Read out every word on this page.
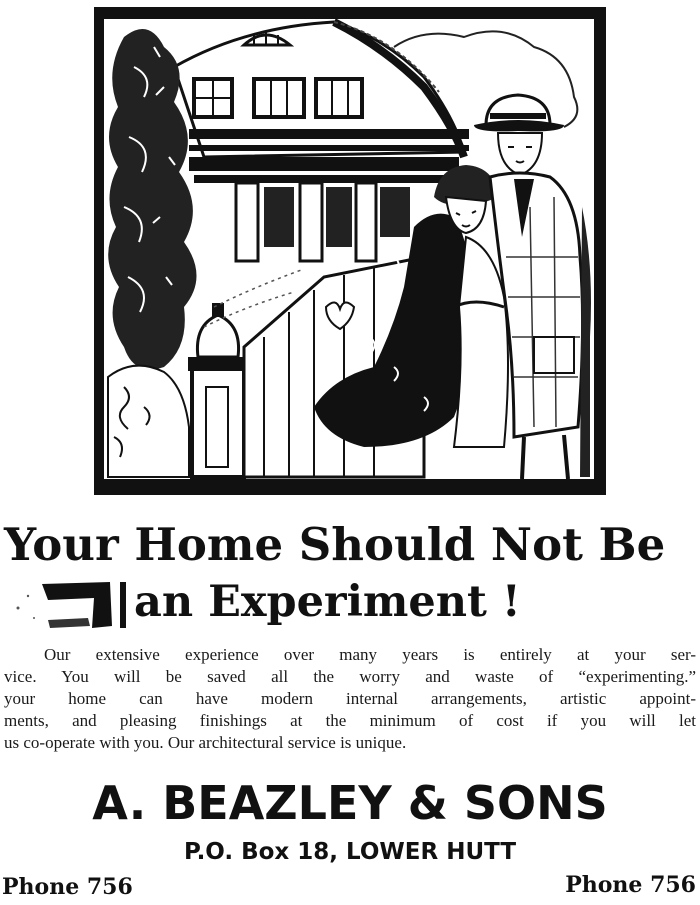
Your Home Should Not Be
an Experiment !
Our extensive experience over many years is entirely at your ser-
vice. You will be saved all the worry and waste of “experimenting.”
your home can have modern internal arrangements, artistic appoint-
ments, and pleasing finishings at the minimum of cost if you will let
us co-operate with you. Our architectural service is unique.
A. BEAZLEY & SONS
P.O. Box 18, LOWER HUTT
Phone 756	Phone 756
